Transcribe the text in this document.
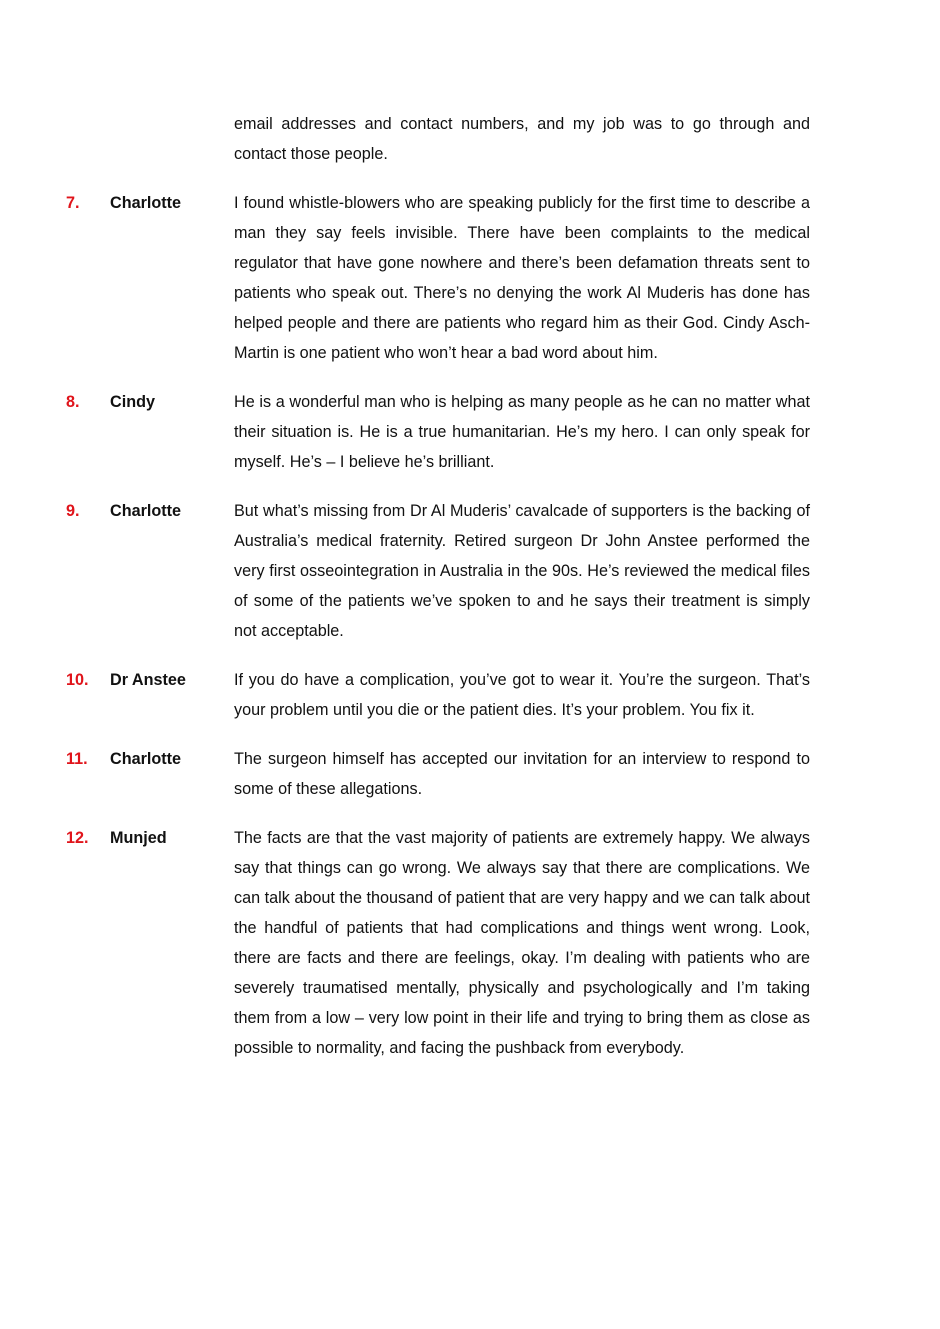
email addresses and contact numbers, and my job was to go through and contact those people.

7.	Charlotte	I found whistle-blowers who are speaking publicly for the first time to describe a man they say feels invisible. There have been complaints to the medical regulator that have gone nowhere and there’s been defamation threats sent to patients who speak out. There’s no denying the work Al Muderis has done has helped people and there are patients who regard him as their God. Cindy Asch-Martin is one patient who won’t hear a bad word about him.

8.	Cindy	He is a wonderful man who is helping as many people as he can no matter what their situation is. He is a true humanitarian. He’s my hero. I can only speak for myself. He’s – I believe he’s brilliant.

9.	Charlotte	But what’s missing from Dr Al Muderis’ cavalcade of supporters is the backing of Australia’s medical fraternity. Retired surgeon Dr John Anstee performed the very first osseointegration in Australia in the 90s. He’s reviewed the medical files of some of the patients we’ve spoken to and he says their treatment is simply not acceptable.

10.	Dr Anstee	If you do have a complication, you’ve got to wear it. You’re the surgeon. That’s your problem until you die or the patient dies. It’s your problem. You fix it.

11.	Charlotte	The surgeon himself has accepted our invitation for an interview to respond to some of these allegations.

12.	Munjed	The facts are that the vast majority of patients are extremely happy. We always say that things can go wrong. We always say that there are complications. We can talk about the thousand of patient that are very happy and we can talk about the handful of patients that had complications and things went wrong. Look, there are facts and there are feelings, okay. I’m dealing with patients who are severely traumatised mentally, physically and psychologically and I’m taking them from a low – very low point in their life and trying to bring them as close as possible to normality, and facing the pushback from everybody.
